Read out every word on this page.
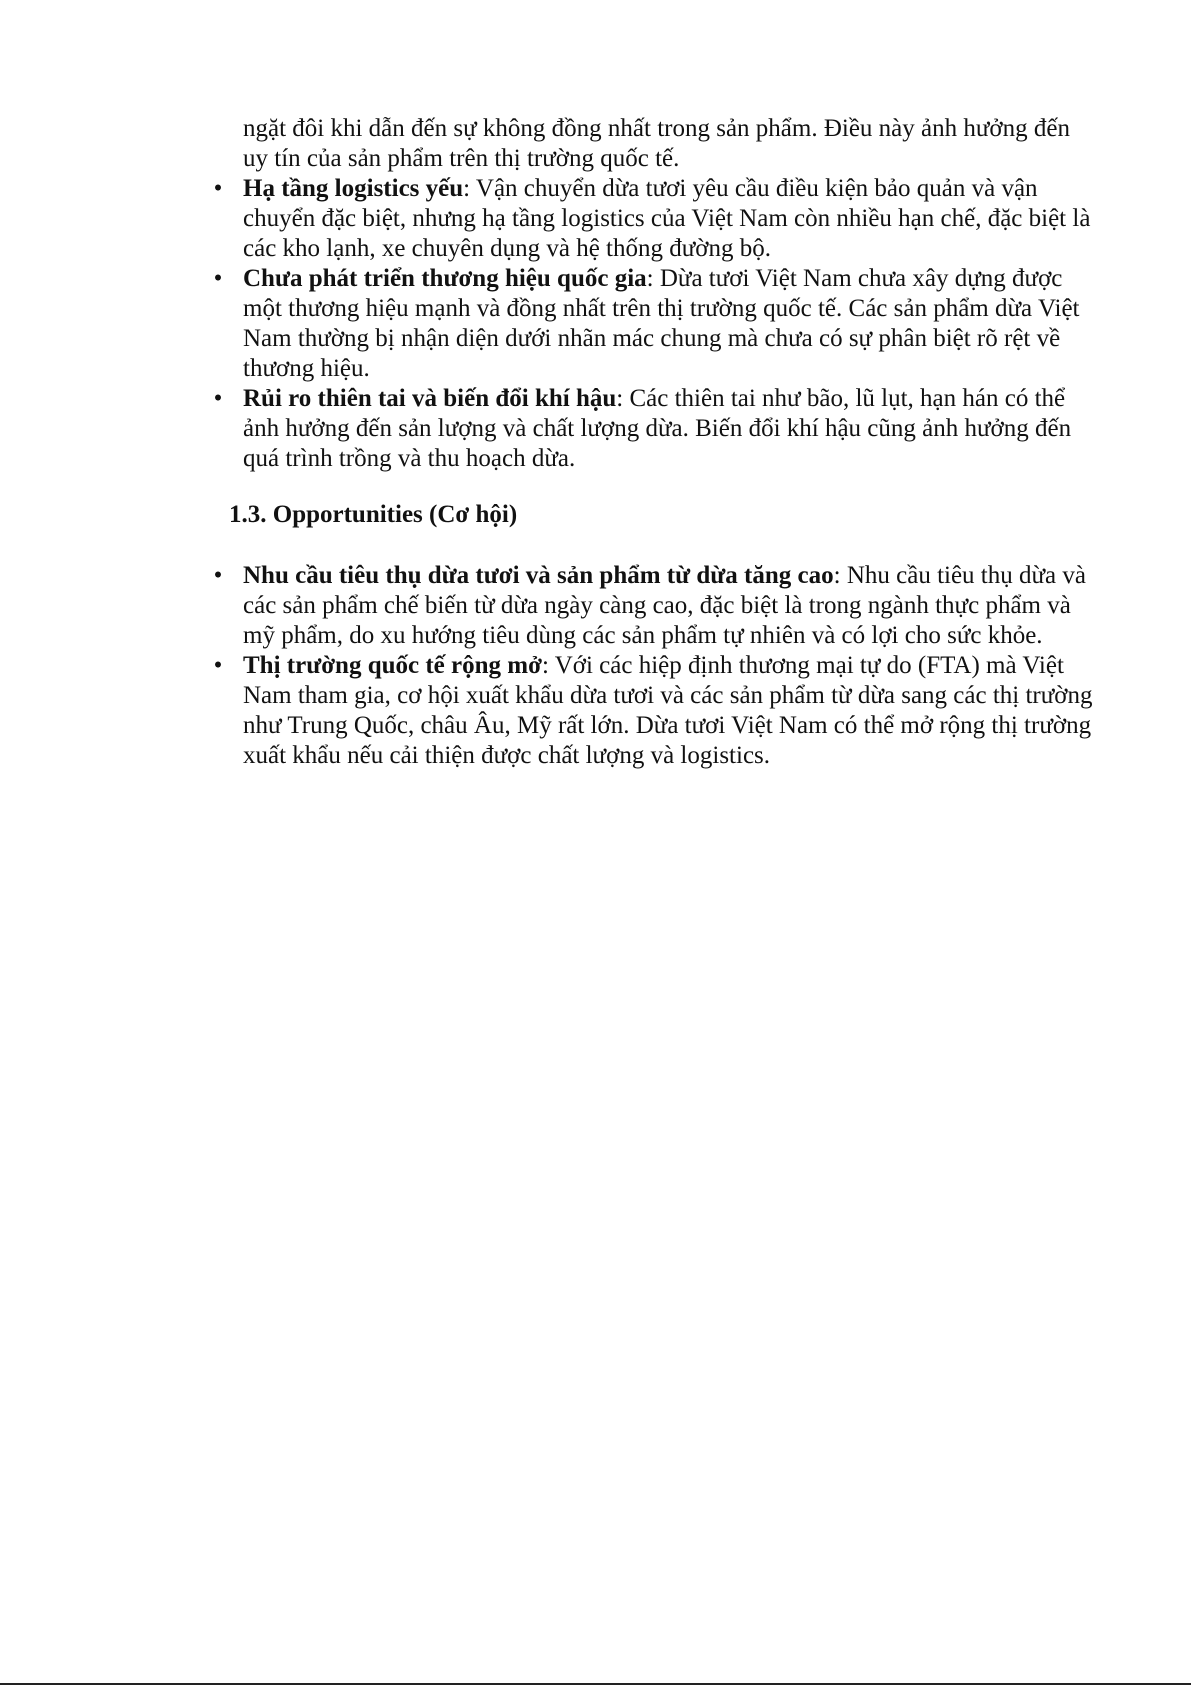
ngặt đôi khi dẫn đến sự không đồng nhất trong sản phẩm. Điều này ảnh hưởng đến uy tín của sản phẩm trên thị trường quốc tế.

• Hạ tầng logistics yếu: Vận chuyển dừa tươi yêu cầu điều kiện bảo quản và vận chuyển đặc biệt, nhưng hạ tầng logistics của Việt Nam còn nhiều hạn chế, đặc biệt là các kho lạnh, xe chuyên dụng và hệ thống đường bộ.
• Chưa phát triển thương hiệu quốc gia: Dừa tươi Việt Nam chưa xây dựng được một thương hiệu mạnh và đồng nhất trên thị trường quốc tế. Các sản phẩm dừa Việt Nam thường bị nhận diện dưới nhãn mác chung mà chưa có sự phân biệt rõ rệt về thương hiệu.
• Rủi ro thiên tai và biến đổi khí hậu: Các thiên tai như bão, lũ lụt, hạn hán có thể ảnh hưởng đến sản lượng và chất lượng dừa. Biến đổi khí hậu cũng ảnh hưởng đến quá trình trồng và thu hoạch dừa.
1.3. Opportunities (Cơ hội)
• Nhu cầu tiêu thụ dừa tươi và sản phẩm từ dừa tăng cao: Nhu cầu tiêu thụ dừa và các sản phẩm chế biến từ dừa ngày càng cao, đặc biệt là trong ngành thực phẩm và mỹ phẩm, do xu hướng tiêu dùng các sản phẩm tự nhiên và có lợi cho sức khỏe.
• Thị trường quốc tế rộng mở: Với các hiệp định thương mại tự do (FTA) mà Việt Nam tham gia, cơ hội xuất khẩu dừa tươi và các sản phẩm từ dừa sang các thị trường như Trung Quốc, châu Âu, Mỹ rất lớn. Dừa tươi Việt Nam có thể mở rộng thị trường xuất khẩu nếu cải thiện được chất lượng và logistics.
